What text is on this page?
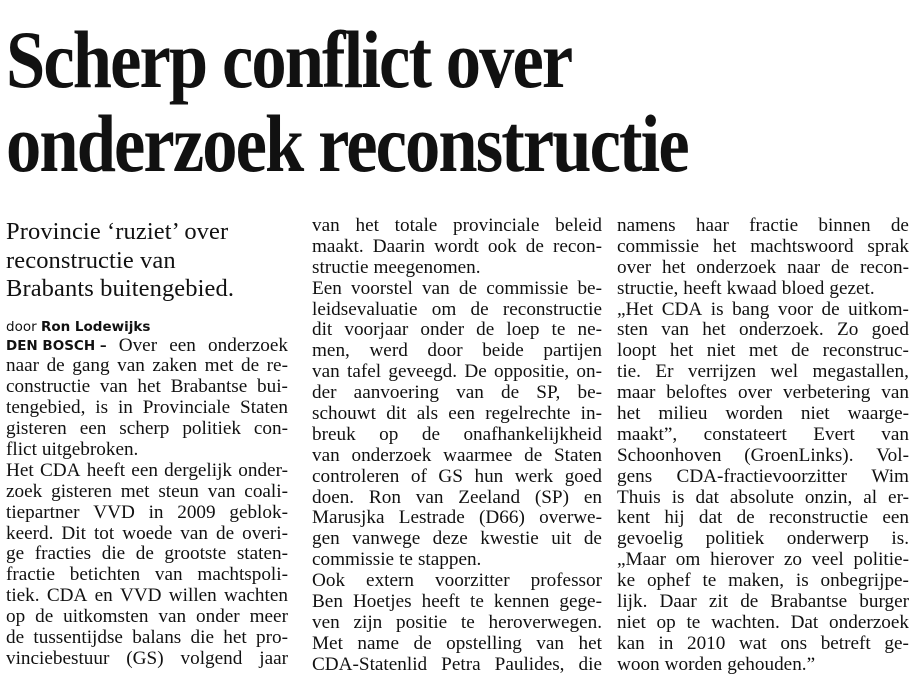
Scherp conflict over
onderzoek reconstructie
Provincie ‘ruziet’ over
reconstructie van
Brabants buitengebied.
door Ron Lodewijks
DEN BOSCH – Over een onderzoek
naar de gang van zaken met de re-
constructie van het Brabantse bui-
tengebied, is in Provinciale Staten
gisteren een scherp politiek con-
flict uitgebroken.
Het CDA heeft een dergelijk onder-
zoek gisteren met steun van coali-
tiepartner VVD in 2009 geblok-
keerd. Dit tot woede van de overi-
ge fracties die de grootste staten-
fractie betichten van machtspoli-
tiek. CDA en VVD willen wachten
op de uitkomsten van onder meer
de tussentijdse balans die het pro-
vinciebestuur (GS) volgend jaar
van het totale provinciale beleid
maakt. Daarin wordt ook de recon-
structie meegenomen.
Een voorstel van de commissie be-
leidsevaluatie om de reconstructie
dit voorjaar onder de loep te ne-
men, werd door beide partijen
van tafel geveegd. De oppositie, on-
der aanvoering van de SP, be-
schouwt dit als een regelrechte in-
breuk op de onafhankelijkheid
van onderzoek waarmee de Staten
controleren of GS hun werk goed
doen. Ron van Zeeland (SP) en
Marusjka Lestrade (D66) overwe-
gen vanwege deze kwestie uit de
commissie te stappen.
Ook extern voorzitter professor
Ben Hoetjes heeft te kennen gege-
ven zijn positie te heroverwegen.
Met name de opstelling van het
CDA-Statenlid Petra Paulides, die
namens haar fractie binnen de
commissie het machtswoord sprak
over het onderzoek naar de recon-
structie, heeft kwaad bloed gezet.
„Het CDA is bang voor de uitkom-
sten van het onderzoek. Zo goed
loopt het niet met de reconstruc-
tie. Er verrijzen wel megastallen,
maar beloftes over verbetering van
het milieu worden niet waarge-
maakt”, constateert Evert van
Schoonhoven (GroenLinks). Vol-
gens CDA-fractievoorzitter Wim
Thuis is dat absolute onzin, al er-
kent hij dat de reconstructie een
gevoelig politiek onderwerp is.
„Maar om hierover zo veel politie-
ke ophef te maken, is onbegrijpe-
lijk. Daar zit de Brabantse burger
niet op te wachten. Dat onderzoek
kan in 2010 wat ons betreft ge-
woon worden gehouden.”
